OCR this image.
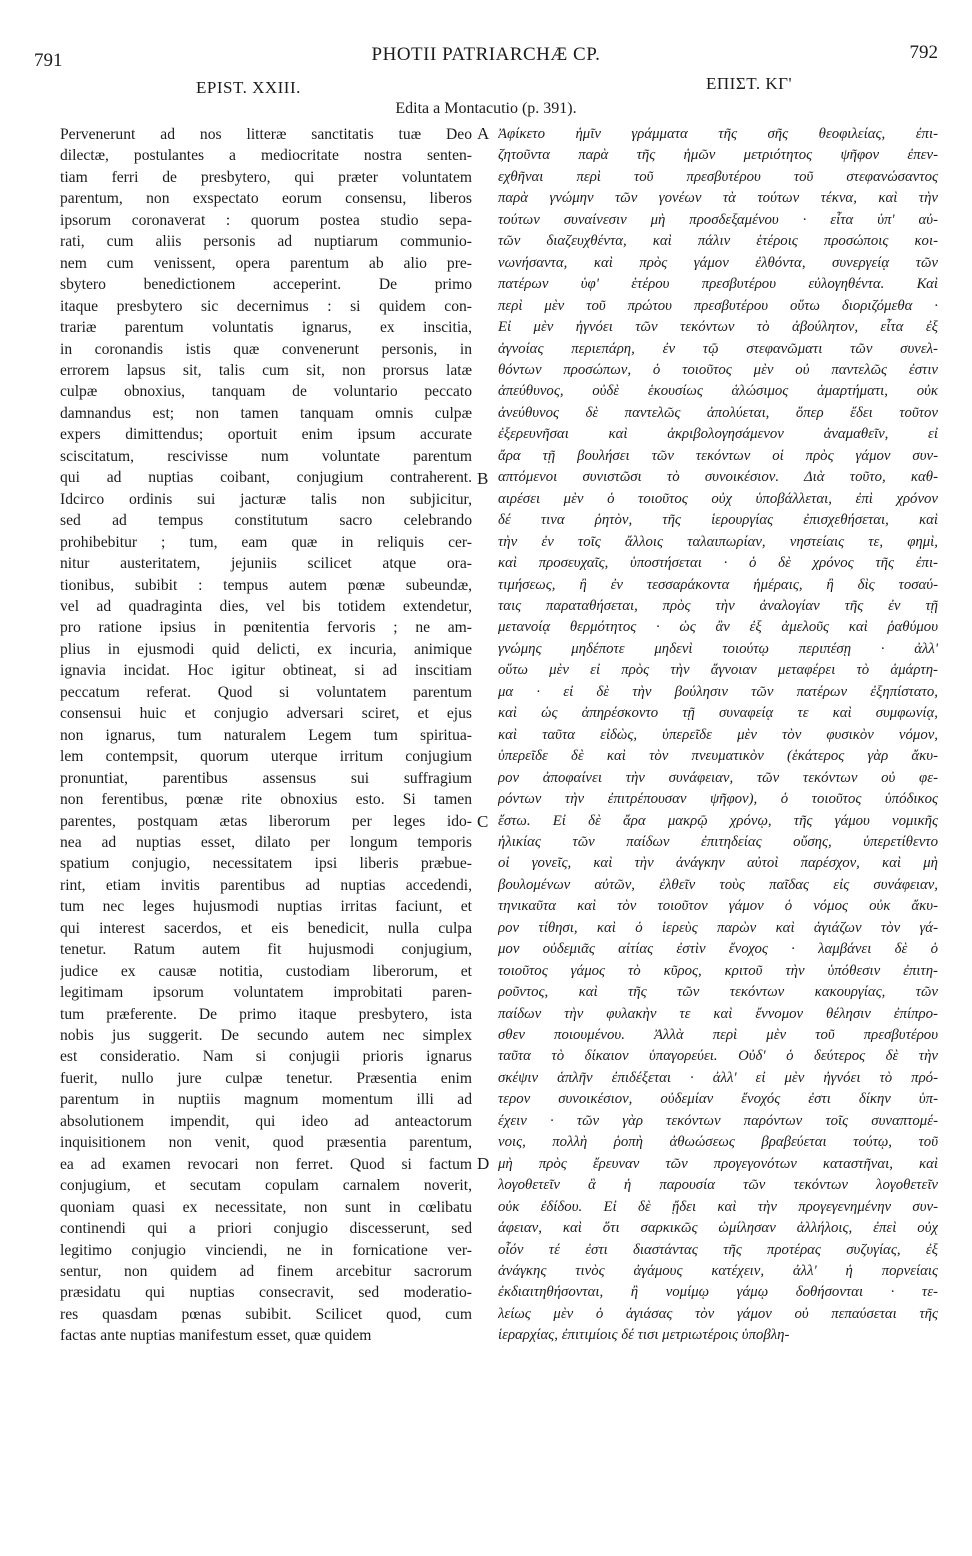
791	PHOTII PATRIARCHÆ CP.	792
EPIST. XXIII.	ΕΠΙΣΤ. ΚΓ'
Edita a Montacutio (p. 391).

Pervenerunt ad nos litteræ sanctitatis tuæ Deo

dilectæ, postulantes a mediocritate nostra senten-

tiam ferri de presbytero, qui præter voluntatem

parentum, non exspectato eorum consensu, liberos

ipsorum coronaverat : quorum postea studio sepa-

rati, cum aliis personis ad nuptiarum communio-

nem cum venissent, opera parentum ab alio pre-

sbytero benedictionem acceperint. De primo

itaque presbytero sic decernimus : si quidem con-

trariæ parentum voluntatis ignarus, ex inscitia,

in coronandis istis quæ convenerunt personis, in

errorem lapsus sit, talis cum sit, non prorsus latæ

culpæ obnoxius, tanquam de voluntario peccato

damnandus est; non tamen tanquam omnis culpæ

expers dimittendus; oportuit enim ipsum accurate

sciscitatum, rescivisse num voluntate parentum

qui ad nuptias coibant, conjugium contraherent.

Idcirco ordinis sui jacturæ talis non subjicitur,

sed ad tempus constitutum sacro celebrando

prohibebitur ; tum, eam quæ in reliquis cer-

nitur austeritatem, jejuniis scilicet atque ora-

tionibus, subibit : tempus autem pœnæ subeundæ,

vel ad quadraginta dies, vel bis totidem extendetur,

pro ratione ipsius in pœnitentia fervoris ; ne am-

plius in ejusmodi quid delicti, ex incuria, animique

ignavia incidat. Hoc igitur obtineat, si ad inscitiam

peccatum referat. Quod si voluntatem parentum

consensui huic et conjugio adversari sciret, et ejus

non ignarus, tum naturalem Legem tum spiritua-

lem contempsit, quorum uterque irritum conjugium

pronuntiat, parentibus assensus sui suffragium

non ferentibus, pœnæ rite obnoxius esto. Si tamen

parentes, postquam ætas liberorum per leges ido-

nea ad nuptias esset, dilato per longum temporis

spatium conjugio, necessitatem ipsi liberis præbue-

rint, etiam invitis parentibus ad nuptias accedendi,

tum nec leges hujusmodi nuptias irritas faciunt, et

qui interest sacerdos, et eis benedicit, nulla culpa

tenetur. Ratum autem fit hujusmodi conjugium,

judice ex causæ notitia, custodiam liberorum, et

legitimam ipsorum voluntatem improbitati paren-

tum præferente. De primo itaque presbytero, ista

nobis jus suggerit. De secundo autem nec simplex

est consideratio. Nam si conjugii prioris ignarus

fuerit, nullo jure culpæ tenetur. Præsentia enim

parentum in nuptiis magnum momentum illi ad

absolutionem impendit, qui ideo ad anteactorum

inquisitionem non venit, quod præsentia parentum,

ea ad examen revocari non ferret. Quod si factum

conjugium, et secutam copulam carnalem noverit,

quoniam quasi ex necessitate, non sunt in cœlibatu

continendi qui a priori conjugio discesserunt, sed

legitimo conjugio vinciendi, ne in fornicatione ver-

sentur, non quidem ad finem arcebitur sacrorum

præsidatu qui nuptias consecravit, sed moderatio-

res quasdam pœnas subibit. Scilicet quod, cum

factas ante nuptias manifestum esset, quæ quidem

Ἀφίκετο ἡμῖν γράμματα τῆς σῆς θεοφιλείας, ἐπι-

ζητοῦντα παρὰ τῆς ἡμῶν μετριότητος ψῆφον ἐπεν-

εχθῆναι περὶ τοῦ πρεσβυτέρου τοῦ στεφανώσαντος

παρὰ γνώμην τῶν γονέων τὰ τούτων τέκνα, καὶ τὴν

τούτων συναίνεσιν μὴ προσδεξαμένου · εἶτα ὑπ' αὐ-

τῶν διαζευχθέντα, καὶ πάλιν ἑτέροις προσώποις κοι-

νωνήσαντα, καὶ πρὸς γάμον ἐλθόντα, συνεργείᾳ τῶν

πατέρων ὑφ' ἑτέρου πρεσβυτέρου εὐλογηθέντα. Καὶ

περὶ μὲν τοῦ πρώτου πρεσβυτέρου οὕτω διοριζόμεθα ·

Εἰ μὲν ἠγνόει τῶν τεκόντων τὸ ἀβούλητον, εἶτα ἐξ

ἀγνοίας περιεπάρη, ἐν τῷ στεφανῶματι τῶν συνελ-

θόντων προσώπων, ὁ τοιοῦτος μὲν οὐ παντελῶς ἐστιν

ἀπεύθυνος, οὐδὲ ἑκουσίως ἁλώσιμος ἁμαρτήματι, οὐκ

ἀνεύθυνος δὲ παντελῶς ἀπολύεται, ὅπερ ἔδει τοῦτον

ἐξερευνῆσαι καὶ ἀκριβολογησάμενον ἀναμαθεῖν, εἰ

ἄρα τῇ βουλήσει τῶν τεκόντων οἱ πρὸς γάμον συν-

απτόμενοι συνιστῶσι τὸ συνοικέσιον. Διὰ τοῦτο, καθ-

αιρέσει μὲν ὁ τοιοῦτος οὐχ ὑποβάλλεται, ἐπὶ χρόνον

δέ τινα ῥητὸν, τῆς ἱερουργίας ἐπισχεθήσεται, καὶ

τὴν ἐν τοῖς ἄλλοις ταλαιπωρίαν, νηστείαις τε, φημὶ,

καὶ προσευχαῖς, ὑποστήσεται · ὁ δὲ χρόνος τῆς ἐπι-

τιμήσεως, ἢ ἐν τεσσαράκοντα ἡμέραις, ἢ δὶς τοσαύ-

ταις παραταθήσεται, πρὸς τὴν ἀναλογίαν τῆς ἐν τῇ

μετανοίᾳ θερμότητος · ὡς ἂν ἐξ ἀμελοῦς καὶ ῥαθύμου

γνώμης μηδέποτε μηδενὶ τοιούτῳ περιπέσῃ · ἀλλ'

οὕτω μὲν εἰ πρὸς τὴν ἄγνοιαν μεταφέρει τὸ ἁμάρτη-

μα · εἰ δὲ τὴν βούλησιν τῶν πατέρων ἐξηπίστατο,

καὶ ὡς ἀπηρέσκοντο τῇ συναφείᾳ τε καὶ συμφωνίᾳ,

καὶ ταῦτα εἰδὼς, ὑπερεῖδε μὲν τὸν φυσικὸν νόμον,

ὑπερεῖδε δὲ καὶ τὸν πνευματικὸν (ἑκάτερος γὰρ ἄκυ-

ρον ἀποφαίνει τὴν συνάφειαν, τῶν τεκόντων οὐ φε-

ρόντων τὴν ἐπιτρέπουσαν ψῆφον), ὁ τοιοῦτος ὑπόδικος

ἔστω. Εἰ δὲ ἄρα μακρῷ χρόνῳ, τῆς γάμου νομικῆς

ἡλικίας τῶν παίδων ἐπιτηδείας οὔσης, ὑπερετίθεντο

οἱ γονεῖς, καὶ τὴν ἀνάγκην αὐτοὶ παρέσχον, καὶ μὴ

βουλομένων αὐτῶν, ἐλθεῖν τοὺς παῖδας εἰς συνάφειαν,

τηνικαῦτα καὶ τὸν τοιοῦτον γάμον ὁ νόμος οὐκ ἄκυ-

ρον τίθησι, καὶ ὁ ἱερεὺς παρὼν καὶ ἁγιάζων τὸν γά-

μον οὐδεμιᾶς αἰτίας ἐστὶν ἔνοχος · λαμβάνει δὲ ὁ

τοιοῦτος γάμος τὸ κῦρος, κριτοῦ τὴν ὑπόθεσιν ἐπιτη-

ροῦντος, καὶ τῆς τῶν τεκόντων κακουργίας, τῶν

παίδων τὴν φυλακὴν τε καὶ ἔννομον θέλησιν ἐπίπρο-

σθεν ποιουμένου. Ἀλλὰ περὶ μὲν τοῦ πρεσβυτέρου

ταῦτα τὸ δίκαιον ὑπαγορεύει. Οὐδ' ὁ δεύτερος δὲ τὴν

σκέψιν ἁπλῆν ἐπιδέξεται · ἀλλ' εἰ μὲν ἠγνόει τὸ πρό-

τερον συνοικέσιον, οὐδεμίαν ἔνοχός ἐστι δίκην ὑπ-

έχειν · τῶν γὰρ τεκόντων παρόντων τοῖς συναπτομέ-

νοις, πολλὴ ῥοπὴ ἀθωώσεως βραβεύεται τούτῳ, τοῦ

μὴ πρὸς ἔρευναν τῶν προγεγονότων καταστῆναι, καὶ

λογοθετεῖν ἃ ἡ παρουσία τῶν τεκόντων λογοθετεῖν

οὐκ ἐδίδου. Εἰ δὲ ᾔδει καὶ τὴν προγεγενημένην συν-

άφειαν, καὶ ὅτι σαρκικῶς ὡμίλησαν ἀλλήλοις, ἐπεὶ οὐχ

οἷόν τέ ἐστι διαστάντας τῆς προτέρας συζυγίας, ἐξ

ἀνάγκης τινὸς ἀγάμους κατέχειν, ἀλλ' ἡ πορνείαις

ἐκδιαιτηθήσονται, ἢ νομίμῳ γάμῳ δοθήσονται · τε-

λείως μὲν ὁ ἁγιάσας τὸν γάμον οὐ πεπαύσεται τῆς

ἱεραρχίας, ἐπιτιμίοις δέ τισι μετριωτέροις ὑποβλη-

A
B
C
D
